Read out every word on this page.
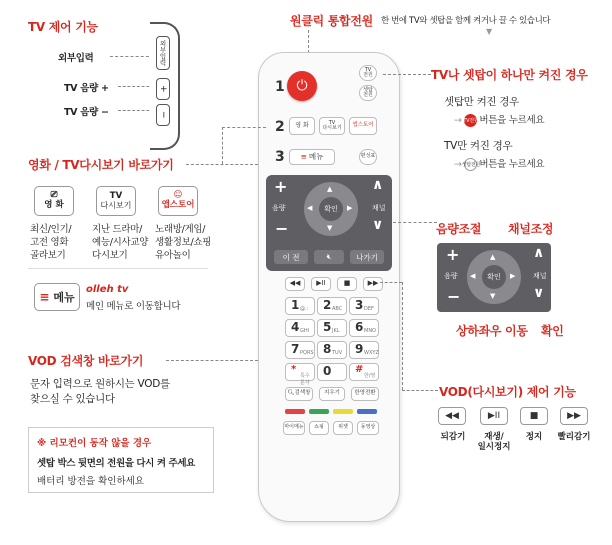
TV 제어 기능
외부입력
TV 음량 +
TV 음량 −
외부입력
+
−
영화 / TV다시보기 바로가기
⎚
영 화
TV
다시보기
☺
앱스토어
최신/인기/
고전 영화
골라보기
지난 드라마/
예능/시사교양
다시보기
노래방/게임/
생활정보/쇼핑
유아놀이
≡ 메뉴
olleh tv
메인 메뉴로 이동합니다
VOD 검색창 바로가기
문자 입력으로 원하시는 VOD를
찾으실 수 있습니다
※ 리모컨이 동작 않을 경우
셋탑 박스 뒷면의 전원을 다시 켜 주세요
배터리 방전을 확인하세요
원클릭 통합전원 한 번에 TV와 셋탑을 함께 켜거나 끌 수 있습니다
▼
1 ⏻
TV
전원
셋탑
전원
2	영 화	TV
다시보기	앱스토어
3 ≡ 메뉴	편성표
+
음량
−
∧
채널
∨
▲
▼
◀	▶
확인
이 전	🔇︎	나가기
◀◀ ▶II	■ ▶▶
1 @.: 2 ABC 3 DEF
4 GHI 5 JKL 6 MNO
7 PQRS 8 TUV 9 WXYZ
*
특수문자
0 #
한/영
🔍︎ 검색창	지우기	한영전환
마이메뉴	쇼핑	위젯	동영상
TV나 셋탑이 하나만 켜진 경우
셋탑만 켜진 경우
→ TV전원버튼을 누르세요
TV만 켜진 경우
→ 셋탑전원버튼을 누르세요
음량조절 채널조정
+
음량
−
∧
채널
∨
▲
▼
◀	▶
확인
상하좌우 이동 확인
VOD(다시보기) 제어 기능
◀◀	▶II	■	▶▶
되감기	재생/
일시정지
정지	빨리감기
